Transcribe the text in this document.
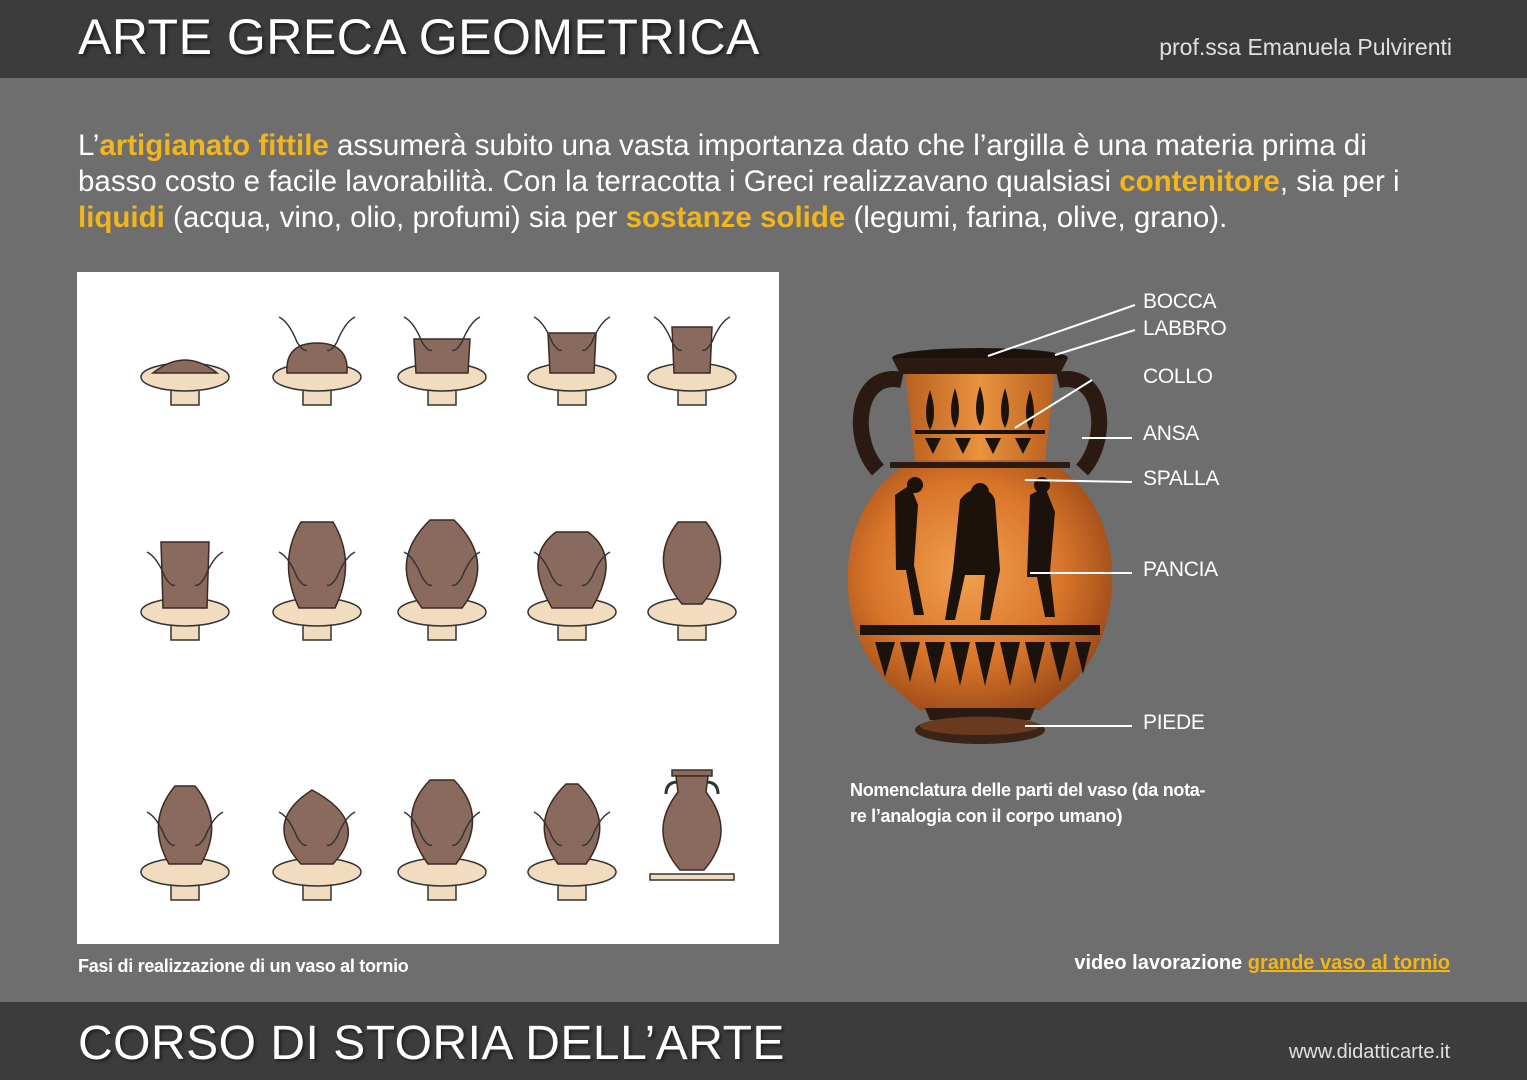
ARTE GRECA GEOMETRICA	prof.ssa Emanuela Pulvirenti
L’artigianato fittile assumerà subito una vasta importanza dato che l’argilla è una materia prima di basso costo e facile lavorabilità. Con la terracotta i Greci realizzavano qualsiasi contenitore, sia per i liquidi (acqua, vino, olio, profumi) sia per sostanze solide (legumi, farina, olive, grano).
Fasi di realizzazione di un vaso al tornio
BOCCA
LABBRO
COLLO
ANSA
SPALLA
PANCIA
PIEDE
Nomenclatura delle parti del vaso (da nota-
re l’analogia con il corpo umano)
video lavorazione grande vaso al tornio
CORSO DI STORIA DELL’ARTE	www.didatticarte.it
